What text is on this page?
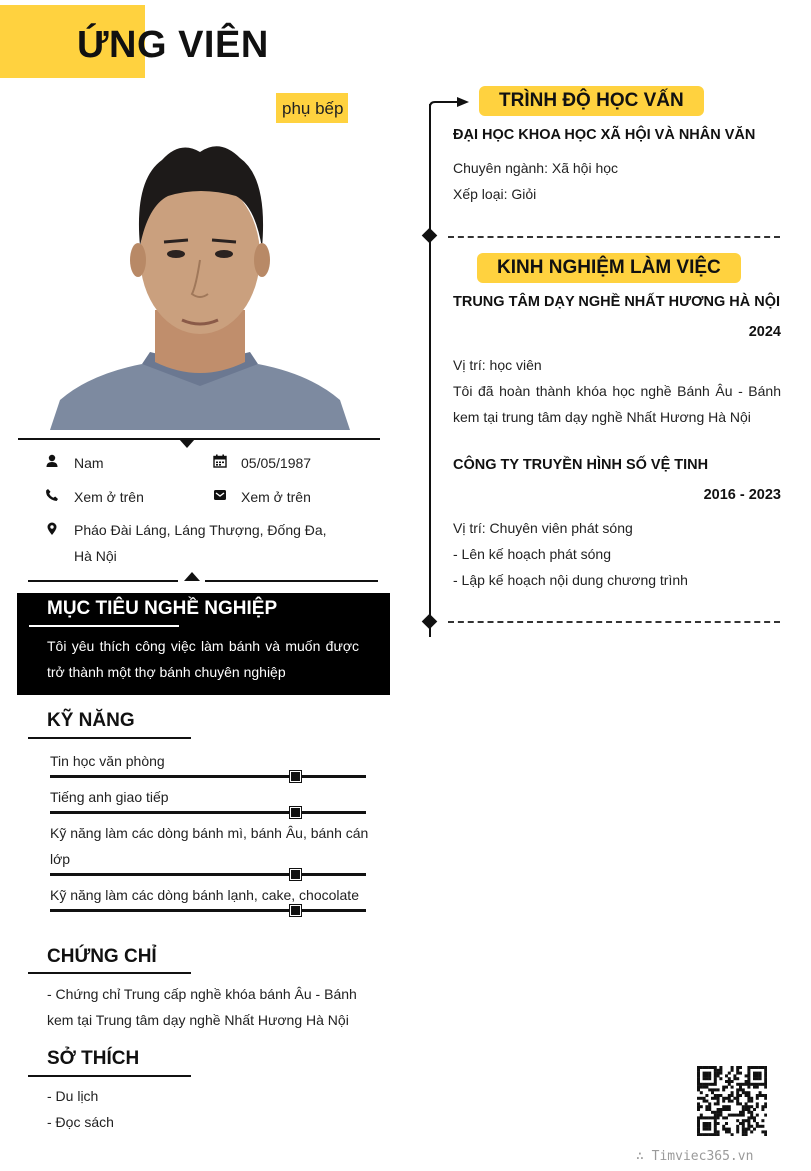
ỨNG VIÊN
phụ bếp
Nam	05/05/1987
Xem ở trên	Xem ở trên
Pháo Đài Láng, Láng Thượng, Đống Đa,
Hà Nội
MỤC TIÊU NGHỀ NGHIỆP
Tôi yêu thích công việc làm bánh và muốn được trở thành một thợ bánh chuyên nghiệp
KỸ NĂNG
Tin học văn phòng
Tiếng anh giao tiếp
Kỹ năng làm các dòng bánh mì, bánh Âu, bánh cán lớp
Kỹ năng làm các dòng bánh lạnh, cake, chocolate
CHỨNG CHỈ
- Chứng chỉ Trung cấp nghề khóa bánh Âu - Bánh kem tại Trung tâm dạy nghề Nhất Hương Hà Nội
SỞ THÍCH
- Du lịch
- Đọc sách
TRÌNH ĐỘ HỌC VẤN
ĐẠI HỌC KHOA HỌC XÃ HỘI VÀ NHÂN VĂN
Chuyên ngành: Xã hội học
Xếp loại: Giỏi
KINH NGHIỆM LÀM VIỆC
TRUNG TÂM DẠY NGHỀ NHẤT HƯƠNG HÀ NỘI
2024
Vị trí: học viên
Tôi đã hoàn thành khóa học nghề Bánh Âu - Bánh kem tại trung tâm dạy nghề Nhất Hương Hà Nội
CÔNG TY TRUYỀN HÌNH SỐ VỆ TINH
2016 - 2023
Vị trí: Chuyên viên phát sóng
- Lên kế hoạch phát sóng
- Lập kế hoạch nội dung chương trình
∴ Timviec365.vn
